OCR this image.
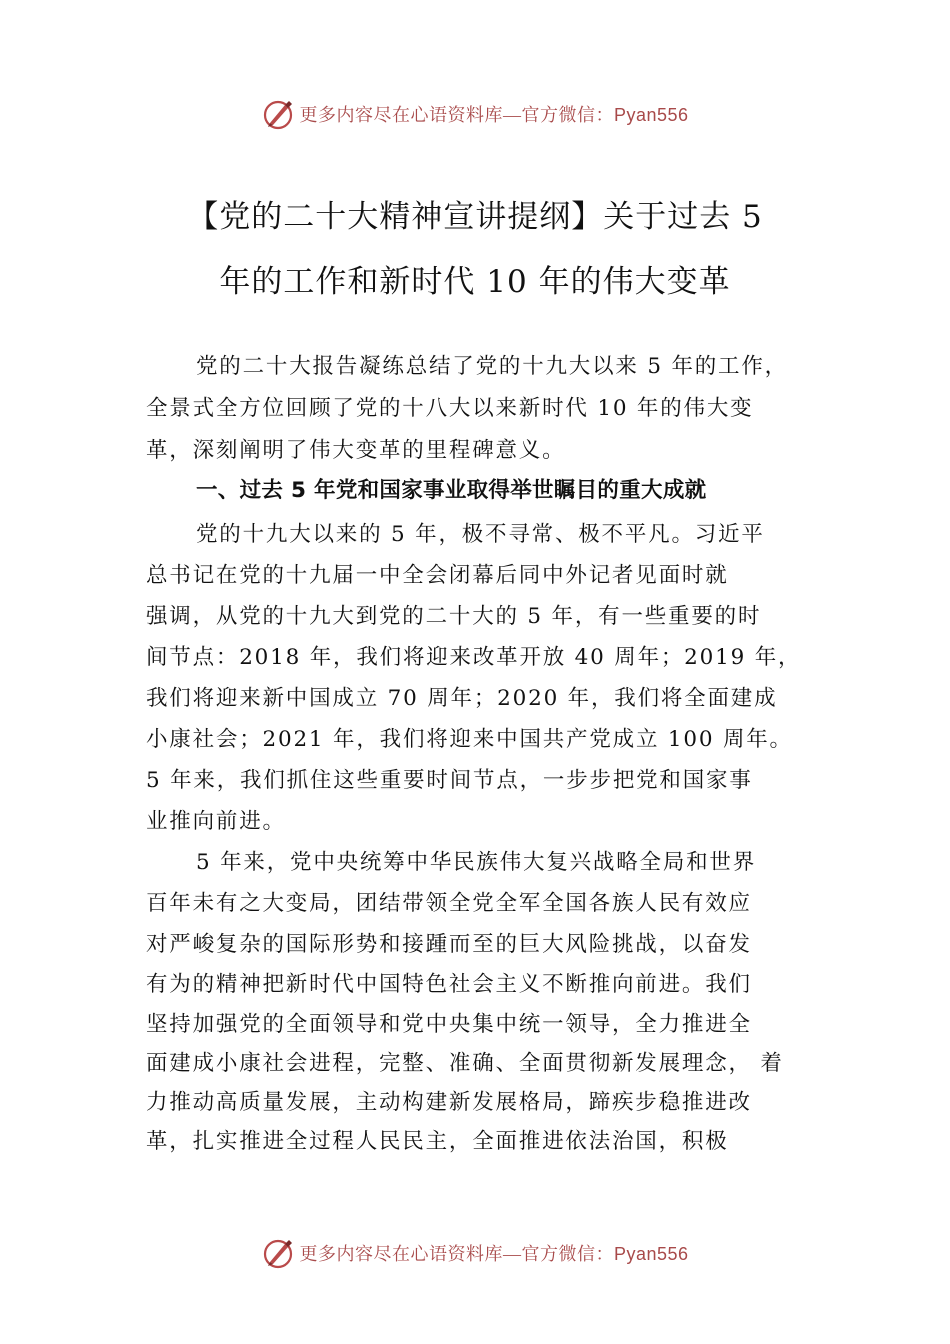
更多内容尽在心语资料库—官方微信：Pyan556
【党的二十大精神宣讲提纲】关于过去 5
年的工作和新时代 10 年的伟大变革
党的二十大报告凝练总结了党的十九大以来 5 年的工作，
全景式全方位回顾了党的十八大以来新时代 10 年的伟大变
革，深刻阐明了伟大变革的里程碑意义。
一、过去 5 年党和国家事业取得举世瞩目的重大成就
党的十九大以来的 5 年，极不寻常、极不平凡。习近平
总书记在党的十九届一中全会闭幕后同中外记者见面时就
强调，从党的十九大到党的二十大的 5 年，有一些重要的时
间节点：2018 年，我们将迎来改革开放 40 周年；2019 年，
我们将迎来新中国成立 70 周年；2020 年，我们将全面建成
小康社会；2021 年，我们将迎来中国共产党成立 100 周年。
5 年来，我们抓住这些重要时间节点，一步步把党和国家事
业推向前进。
5 年来，党中央统筹中华民族伟大复兴战略全局和世界
百年未有之大变局，团结带领全党全军全国各族人民有效应
对严峻复杂的国际形势和接踵而至的巨大风险挑战，以奋发
有为的精神把新时代中国特色社会主义不断推向前进。我们
坚持加强党的全面领导和党中央集中统一领导，全力推进全
面建成小康社会进程，完整、准确、全面贯彻新发展理念， 着
力推动高质量发展，主动构建新发展格局，蹄疾步稳推进改
革，扎实推进全过程人民民主，全面推进依法治国，积极
更多内容尽在心语资料库—官方微信：Pyan556
